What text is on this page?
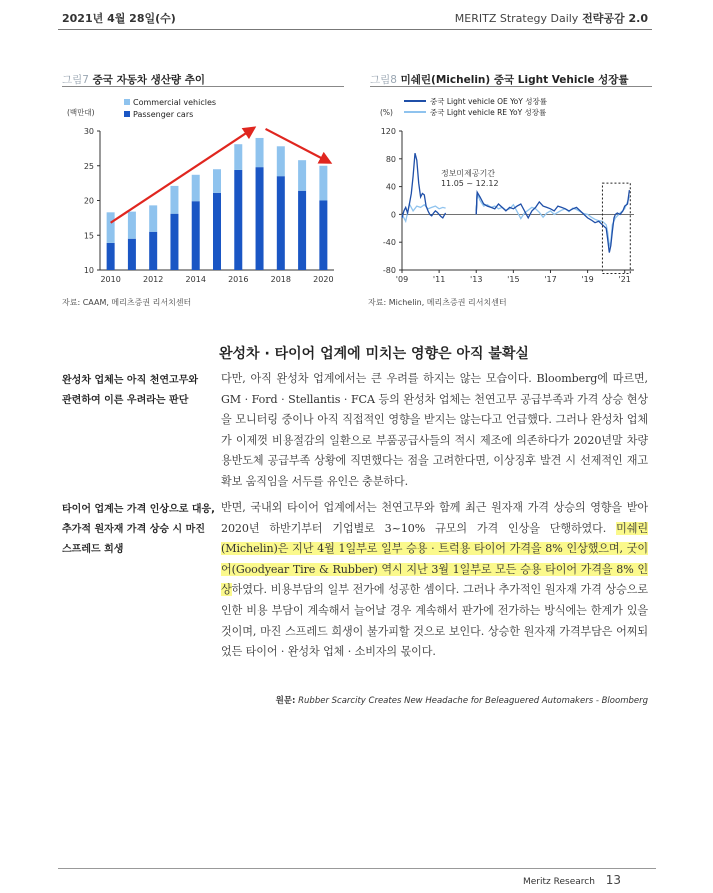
2021년 4월 28일(수)	MERITZ Strategy Daily 전략공감 2.0
그림7 중국 자동차 생산량 추이
10
15
20
25
30
(백만대)
2010	2012	2014	2016	2018	2020
Commercial vehicles
Passenger cars
자료: CAAM, 메리츠증권 리서치센터
그림8 미쉐린(Michelin) 중국 Light Vehicle 성장률
120
80
40
0
-40
-80
(%)
'09	'11	'13	'15	'17	'19	'21
중국 Light vehicle OE YoY 성장률
중국 Light vehicle RE YoY 성장률
정보미제공기간
11.05 ~ 12.12
자료: Michelin, 메리츠증권 리서치센터
완성차 · 타이어 업계에 미치는 영향은 아직 불확실
완성차 업체는 아직 천연고무와
관련하여 이른 우려라는 판단
타이어 업계는 가격 인상으로 대응,
추가적 원자재 가격 상승 시 마진
스프레드 희생
다만, 아직 완성차 업계에서는 큰 우려를 하지는 않는 모습이다. Bloomberg에 따르면, GM · Ford · Stellantis · FCA 등의 완성차 업체는 천연고무 공급부족과 가격 상승 현상을 모니터링 중이나 아직 직접적인 영향을 받지는 않는다고 언급했다. 그러나 완성차 업체가 이제껏 비용절감의 일환으로 부품공급사들의 적시 제조에 의존하다가 2020년말 차량용반도체 공급부족 상황에 직면했다는 점을 고려한다면, 이상징후 발견 시 선제적인 재고 확보 움직임을 서두를 유인은 충분하다.
반면, 국내외 타이어 업계에서는 천연고무와 함께 최근 원자재 가격 상승의 영향을 받아 2020년 하반기부터 기업별로 3~10% 규모의 가격 인상을 단행하였다. 미쉐린(Michelin)은 지난 4월 1일부로 일부 승용 · 트럭용 타이어 가격을 8% 인상했으며, 굿이어(Goodyear Tire & Rubber) 역시 지난 3월 1일부로 모든 승용 타이어 가격을 8% 인상하였다. 비용부담의 일부 전가에 성공한 셈이다. 그러나 추가적인 원자재 가격 상승으로 인한 비용 부담이 계속해서 늘어날 경우 계속해서 판가에 전가하는 방식에는 한계가 있을 것이며, 마진 스프레드 희생이 불가피할 것으로 보인다. 상승한 원자재 가격부담은 어찌되었든 타이어 · 완성차 업체 · 소비자의 몫이다.
원문: Rubber Scarcity Creates New Headache for Beleaguered Automakers - Bloomberg
Meritz Research 13
